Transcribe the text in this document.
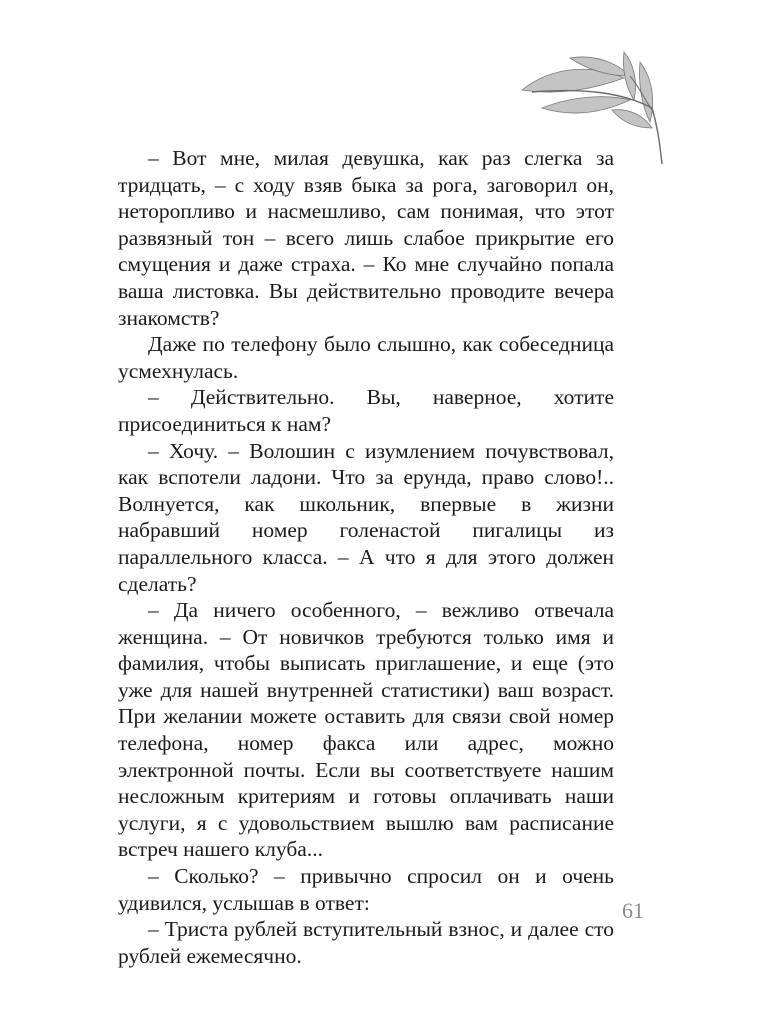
– Вот мне, милая девушка, как раз слегка за тридцать, – с ходу взяв быка за рога, заговорил он, неторопливо и насмешливо, сам понимая, что этот развязный тон – всего лишь слабое прикрытие его смущения и даже страха. – Ко мне случайно попала ваша листовка. Вы действительно проводите вечера знакомств?

Даже по телефону было слышно, как собеседница усмехнулась.

– Действительно. Вы, наверное, хотите присоединиться к нам?

– Хочу. – Волошин с изумлением почувствовал, как вспотели ладони. Что за ерунда, право слово!.. Волнуется, как школьник, впервые в жизни набравший номер голенастой пигалицы из параллельного класса. – А что я для этого должен сделать?

– Да ничего особенного, – вежливо отвечала женщина. – От новичков требуются только имя и фамилия, чтобы выписать приглашение, и еще (это уже для нашей внутренней статистики) ваш возраст. При желании можете оставить для связи свой номер телефона, номер факса или адрес, можно электронной почты. Если вы соответствуете нашим несложным критериям и готовы оплачивать наши услуги, я с удовольствием вышлю вам расписание встреч нашего клуба...

– Сколько? – привычно спросил он и очень удивился, услышав в ответ:

– Триста рублей вступительный взнос, и далее сто рублей ежемесячно.

61
